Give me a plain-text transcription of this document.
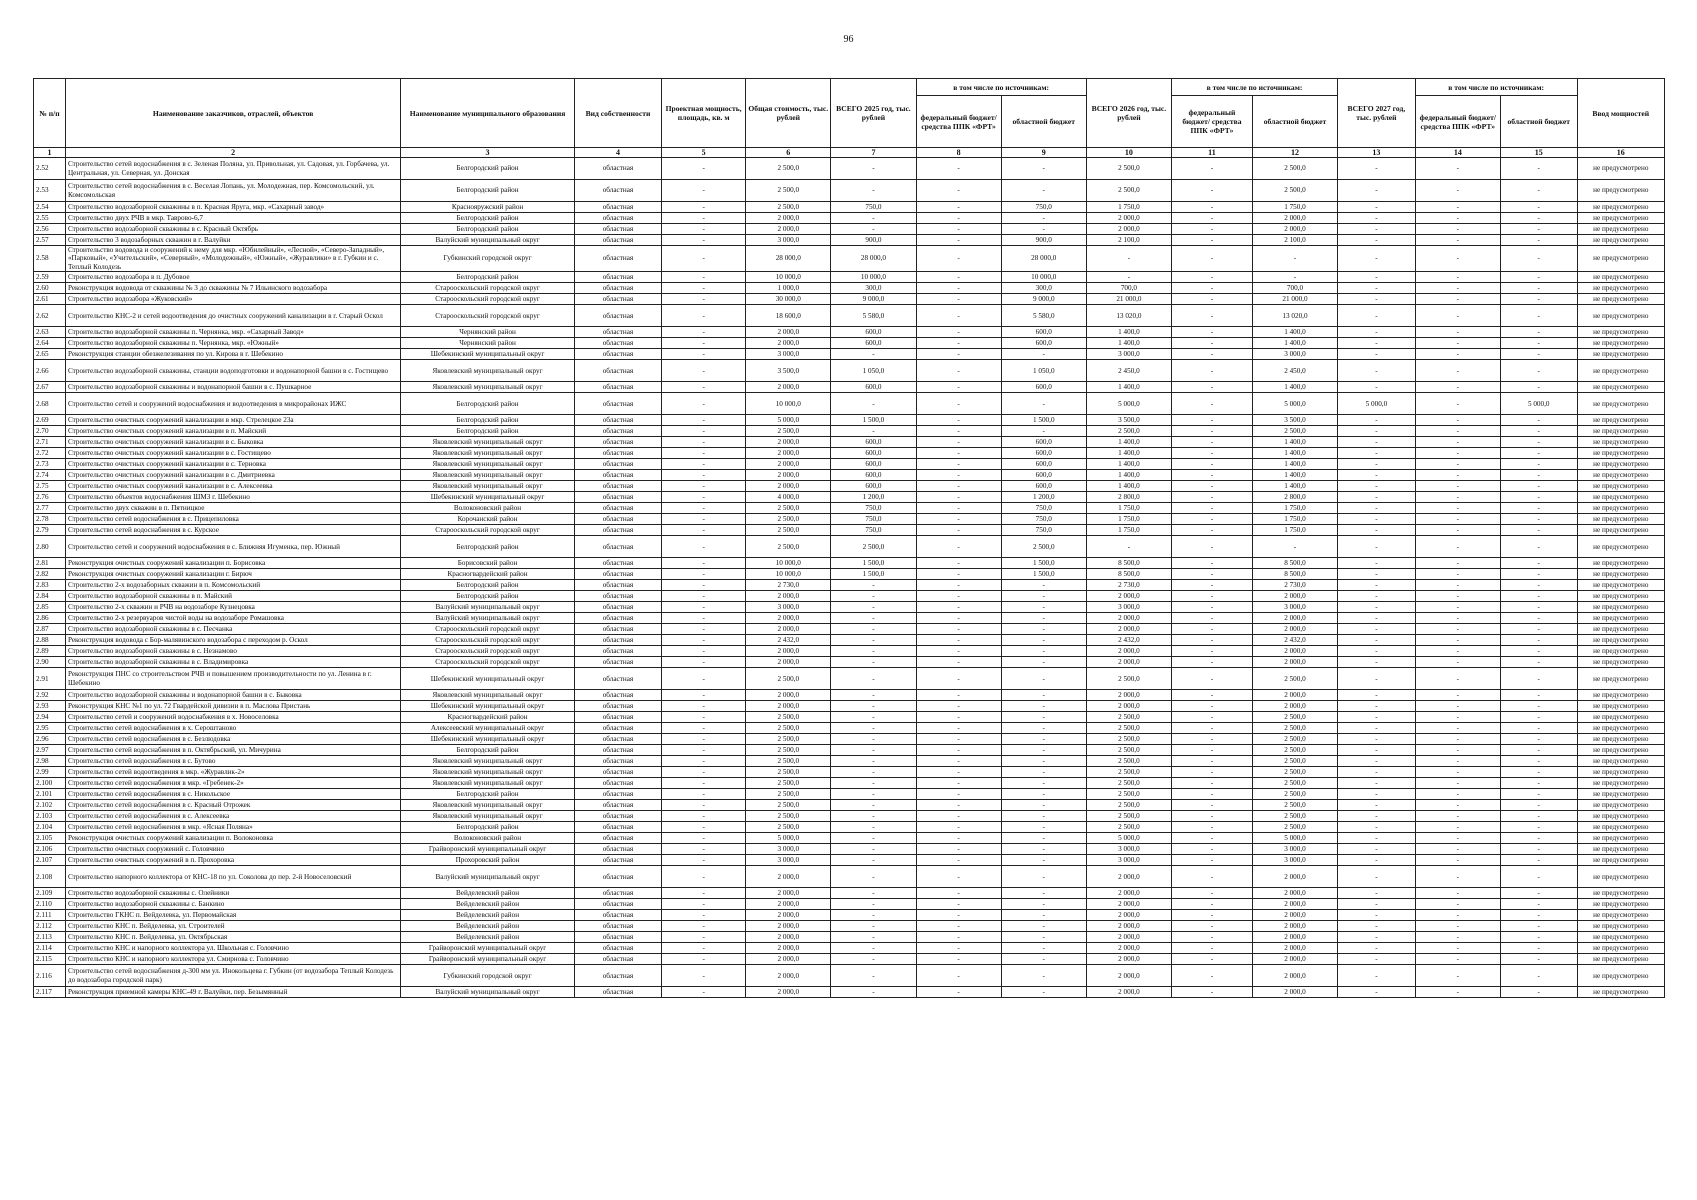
96
№ п/п	Наименование заказчиков, отраслей, объектов	Наименование муниципального образования	Вид собственности	Проектная мощность, площадь, кв. м	Общая стоимость, тыс. рублей	ВСЕГО 2025 год, тыс. рублей	в том числе по источникам:		ВСЕГО 2026 год, тыс. рублей	в том числе по источникам:		ВСЕГО 2027 год, тыс. рублей	в том числе по источникам:		Ввод мощностей
							федеральный бюджет/ средства ППК «ФРТ»	областной бюджет		федеральный бюджет/ средства ППК «ФРТ»	областной бюджет		федеральный бюджет/ средства ППК «ФРТ»	областной бюджет	
1	2	3	4	5	6	7	8	9	10	11	12	13	14	15	16
2.52	Строительство сетей водоснабжения в с. Зеленая Поляна, ул. Привольная, ул. Садовая, ул. Горбачева, ул. Центральная, ул. Северная, ул. Донская	Белгородский район	областная	-	2 500,0	-	-	-	2 500,0	-	2 500,0	-	-	-	не предусмотрено
2.53	Строительство сетей водоснабжения в с. Веселая Лопань, ул. Молодежная, пер. Комсомольский, ул. Комсомольская	Белгородский район	областная	-	2 500,0	-	-	-	2 500,0	-	2 500,0	-	-	-	не предусмотрено
2.54	Строительство водозаборной скважины в п. Красная Яруга, мкр. «Сахарный завод»	Краснояружский район	областная	-	2 500,0	750,0	-	750,0	1 750,0	-	1 750,0	-	-	-	не предусмотрено
2.55	Строительство двух РЧВ в мкр. Таврово-6,7	Белгородский район	областная	-	2 000,0	-	-	-	2 000,0	-	2 000,0	-	-	-	не предусмотрено
2.56	Строительство водозаборной скважины в с. Красный Октябрь	Белгородский район	областная	-	2 000,0	-	-	-	2 000,0	-	2 000,0	-	-	-	не предусмотрено
2.57	Строительство 3 водозаборных скважин в г. Валуйки	Валуйский муниципальный округ	областная	-	3 000,0	900,0	-	900,0	2 100,0	-	2 100,0	-	-	-	не предусмотрено
2.58	Строительство водовода и сооружений к нему для мкр. «Юбилейный», «Лесной», «Северо-Западный», «Парковый», «Учительский», «Северный», «Молодежный», «Южный», «Журавлики» в г. Губкин и с. Теплый Колодезь	Губкинский городской округ	областная	-	28 000,0	28 000,0	-	28 000,0	-	-	-	-	-	-	не предусмотрено
2.59	Строительство водозабора в п. Дубовое	Белгородский район	областная	-	10 000,0	10 000,0	-	10 000,0	-	-	-	-	-	-	не предусмотрено
2.60	Реконструкция водовода от скважины № 3 до скважины № 7 Ильинского водозабора	Старооскольский городской округ	областная	-	1 000,0	300,0	-	300,0	700,0	-	700,0	-	-	-	не предусмотрено
2.61	Строительство водозабора «Жуковский»	Старооскольский городской округ	областная	-	30 000,0	9 000,0	-	9 000,0	21 000,0	-	21 000,0	-	-	-	не предусмотрено
2.62	Строительство КНС-2 и сетей водоотведения до очистных сооружений канализации в г. Старый Оскол	Старооскольский городской округ	областная	-	18 600,0	5 580,0	-	5 580,0	13 020,0	-	13 020,0	-	-	-	не предусмотрено
2.63	Строительство водозаборной скважины п. Чернянка, мкр. «Сахарный Завод»	Чернянский район	областная	-	2 000,0	600,0	-	600,0	1 400,0	-	1 400,0	-	-	-	не предусмотрено
2.64	Строительство водозаборной скважины п. Чернянка, мкр. «Южный»	Чернянский район	областная	-	2 000,0	600,0	-	600,0	1 400,0	-	1 400,0	-	-	-	не предусмотрено
2.65	Реконструкция станции обезжелезивания по ул. Кирова в г. Шебекино	Шебекинский муниципальный округ	областная	-	3 000,0	-	-	-	3 000,0	-	3 000,0	-	-	-	не предусмотрено
2.66	Строительство водозаборной скважины, станции водоподготовки и водонапорной башни в с. Гостищево	Яковлевский муниципальный округ	областная	-	3 500,0	1 050,0	-	1 050,0	2 450,0	-	2 450,0	-	-	-	не предусмотрено
2.67	Строительство водозаборной скважины и водонапорной башни в с. Пушкарное	Яковлевский муниципальный округ	областная	-	2 000,0	600,0	-	600,0	1 400,0	-	1 400,0	-	-	-	не предусмотрено
2.68	Строительство сетей и сооружений водоснабжения и водоотведения в микрорайонах ИЖС	Белгородский район	областная	-	10 000,0	-	-	-	5 000,0	-	5 000,0	5 000,0	-	5 000,0	не предусмотрено
2.69	Строительство очистных сооружений канализации в мкр. Стрелецкое 23а	Белгородский район	областная	-	5 000,0	1 500,0	-	1 500,0	3 500,0	-	3 500,0	-	-	-	не предусмотрено
2.70	Строительство очистных сооружений канализации в п. Майский	Белгородский район	областная	-	2 500,0	-	-	-	2 500,0	-	2 500,0	-	-	-	не предусмотрено
2.71	Строительство очистных сооружений канализации в с. Быковка	Яковлевский муниципальный округ	областная	-	2 000,0	600,0	-	600,0	1 400,0	-	1 400,0	-	-	-	не предусмотрено
2.72	Строительство очистных сооружений канализации в с. Гостищево	Яковлевский муниципальный округ	областная	-	2 000,0	600,0	-	600,0	1 400,0	-	1 400,0	-	-	-	не предусмотрено
2.73	Строительство очистных сооружений канализации в с. Терновка	Яковлевский муниципальный округ	областная	-	2 000,0	600,0	-	600,0	1 400,0	-	1 400,0	-	-	-	не предусмотрено
2.74	Строительство очистных сооружений канализации в с. Дмитриевка	Яковлевский муниципальный округ	областная	-	2 000,0	600,0	-	600,0	1 400,0	-	1 400,0	-	-	-	не предусмотрено
2.75	Строительство очистных сооружений канализации в с. Алексеевка	Яковлевский муниципальный округ	областная	-	2 000,0	600,0	-	600,0	1 400,0	-	1 400,0	-	-	-	не предусмотрено
2.76	Строительство объектов водоснабжения ШМЗ г. Шебекино	Шебекинский муниципальный округ	областная	-	4 000,0	1 200,0	-	1 200,0	2 800,0	-	2 800,0	-	-	-	не предусмотрено
2.77	Строительство двух скважин в п. Пятницкое	Волоконовский район	областная	-	2 500,0	750,0	-	750,0	1 750,0	-	1 750,0	-	-	-	не предусмотрено
2.78	Строительство сетей водоснабжения в с. Прицепиловка	Корочанский район	областная	-	2 500,0	750,0	-	750,0	1 750,0	-	1 750,0	-	-	-	не предусмотрено
2.79	Строительство сетей водоснабжения в с. Курское	Старооскольский городской округ	областная	-	2 500,0	750,0	-	750,0	1 750,0	-	1 750,0	-	-	-	не предусмотрено
2.80	Строительство сетей и сооружений водоснабжения в с. Ближняя Игуменка, пер. Южный	Белгородский район	областная	-	2 500,0	2 500,0	-	2 500,0	-	-	-	-	-	-	не предусмотрено
2.81	Реконструкция очистных сооружений канализации п. Борисовка	Борисовский район	областная	-	10 000,0	1 500,0	-	1 500,0	8 500,0	-	8 500,0	-	-	-	не предусмотрено
2.82	Реконструкция очистных сооружений канализации г. Бирюч	Красногвардейский район	областная	-	10 000,0	1 500,0	-	1 500,0	8 500,0	-	8 500,0	-	-	-	не предусмотрено
2.83	Строительство 2-х водозаборных скважин в п. Комсомольский	Белгородский район	областная	-	2 730,0	-	-	-	2 730,0	-	2 730,0	-	-	-	не предусмотрено
2.84	Строительство водозаборной скважины в п. Майский	Белгородский район	областная	-	2 000,0	-	-	-	2 000,0	-	2 000,0	-	-	-	не предусмотрено
2.85	Строительство 2-х скважин и РЧВ на водозаборе Кузнецовка	Валуйский муниципальный округ	областная	-	3 000,0	-	-	-	3 000,0	-	3 000,0	-	-	-	не предусмотрено
2.86	Строительство 2-х резервуаров чистой воды на водозаборе Ромашовка	Валуйский муниципальный округ	областная	-	2 000,0	-	-	-	2 000,0	-	2 000,0	-	-	-	не предусмотрено
2.87	Строительство водозаборной скважины в с. Песчанка	Старооскольский городской округ	областная	-	2 000,0	-	-	-	2 000,0	-	2 000,0	-	-	-	не предусмотрено
2.88	Реконструкция водовода с Бор-малявинского водозабора с переходом р. Оскол	Старооскольский городской округ	областная	-	2 432,0	-	-	-	2 432,0	-	2 432,0	-	-	-	не предусмотрено
2.89	Строительство водозаборной скважины в с. Незнамово	Старооскольский городской округ	областная	-	2 000,0	-	-	-	2 000,0	-	2 000,0	-	-	-	не предусмотрено
2.90	Строительство водозаборной скважины в с. Владимировка	Старооскольский городской округ	областная	-	2 000,0	-	-	-	2 000,0	-	2 000,0	-	-	-	не предусмотрено
2.91	Реконструкция ПНС со строительством РЧВ и повышением производительности по ул. Ленина в г. Шебекино	Шебекинский муниципальный округ	областная	-	2 500,0	-	-	-	2 500,0	-	2 500,0	-	-	-	не предусмотрено
2.92	Строительство водозаборной скважины и водонапорной башни в с. Быковка	Яковлевский муниципальный округ	областная	-	2 000,0	-	-	-	2 000,0	-	2 000,0	-	-	-	не предусмотрено
2.93	Реконструкция КНС №1 по ул. 72 Гвардейской дивизии в п. Маслова Пристань	Шебекинский муниципальный округ	областная	-	2 000,0	-	-	-	2 000,0	-	2 000,0	-	-	-	не предусмотрено
2.94	Строительство сетей и сооружений водоснабжения в х. Новоселовка	Красногвардейский район	областная	-	2 500,0	-	-	-	2 500,0	-	2 500,0	-	-	-	не предусмотрено
2.95	Строительство сетей водоснабжения в х. Сероштаново	Алексеевский муниципальный округ	областная	-	2 500,0	-	-	-	2 500,0	-	2 500,0	-	-	-	не предусмотрено
2.96	Строительство сетей водоснабжения в с. Безлюдовка	Шебекинский муниципальный округ	областная	-	2 500,0	-	-	-	2 500,0	-	2 500,0	-	-	-	не предусмотрено
2.97	Строительство сетей водоснабжения в п. Октябрьский, ул. Мичурина	Белгородский район	областная	-	2 500,0	-	-	-	2 500,0	-	2 500,0	-	-	-	не предусмотрено
2.98	Строительство сетей водоснабжения в с. Бутово	Яковлевский муниципальный округ	областная	-	2 500,0	-	-	-	2 500,0	-	2 500,0	-	-	-	не предусмотрено
2.99	Строительство сетей водоотведения в мкр. «Журавлик-2»	Яковлевский муниципальный округ	областная	-	2 500,0	-	-	-	2 500,0	-	2 500,0	-	-	-	не предусмотрено
2.100	Строительство сетей водоснабжения в мкр. «Гребенек-2»	Яковлевский муниципальный округ	областная	-	2 500,0	-	-	-	2 500,0	-	2 500,0	-	-	-	не предусмотрено
2.101	Строительство сетей водоснабжения в с. Никольское	Белгородский район	областная	-	2 500,0	-	-	-	2 500,0	-	2 500,0	-	-	-	не предусмотрено
2.102	Строительство сетей водоснабжения в с. Красный Отрожек	Яковлевский муниципальный округ	областная	-	2 500,0	-	-	-	2 500,0	-	2 500,0	-	-	-	не предусмотрено
2.103	Строительство сетей водоснабжения в с. Алексеевка	Яковлевский муниципальный округ	областная	-	2 500,0	-	-	-	2 500,0	-	2 500,0	-	-	-	не предусмотрено
2.104	Строительство сетей водоснабжения в мкр. «Ясная Поляна»	Белгородский район	областная	-	2 500,0	-	-	-	2 500,0	-	2 500,0	-	-	-	не предусмотрено
2.105	Реконструкция очистных сооружений канализации п. Волоконовка	Волоконовский район	областная	-	5 000,0	-	-	-	5 000,0	-	5 000,0	-	-	-	не предусмотрено
2.106	Строительство очистных сооружений с. Головчино	Грайворонский муниципальный округ	областная	-	3 000,0	-	-	-	3 000,0	-	3 000,0	-	-	-	не предусмотрено
2.107	Строительство очистных сооружений в п. Прохоровка	Прохоровский район	областная	-	3 000,0	-	-	-	3 000,0	-	3 000,0	-	-	-	не предусмотрено
2.108	Строительство напорного коллектора от КНС-18 по ул. Соколова до пер. 2-й Новоселовский	Валуйский муниципальный округ	областная	-	2 000,0	-	-	-	2 000,0	-	2 000,0	-	-	-	не предусмотрено
2.109	Строительство водозаборной скважины с. Олейники	Вейделевский район	областная	-	2 000,0	-	-	-	2 000,0	-	2 000,0	-	-	-	не предусмотрено
2.110	Строительство водозаборной скважины с. Банкино	Вейделевский район	областная	-	2 000,0	-	-	-	2 000,0	-	2 000,0	-	-	-	не предусмотрено
2.111	Строительство ГКНС п. Вейделевка, ул. Первомайская	Вейделевский район	областная	-	2 000,0	-	-	-	2 000,0	-	2 000,0	-	-	-	не предусмотрено
2.112	Строительство КНС п. Вейделевка, ул. Строителей	Вейделевский район	областная	-	2 000,0	-	-	-	2 000,0	-	2 000,0	-	-	-	не предусмотрено
2.113	Строительство КНС п. Вейделевка, ул. Октябрьская	Вейделевский район	областная	-	2 000,0	-	-	-	2 000,0	-	2 000,0	-	-	-	не предусмотрено
2.114	Строительство КНС и напорного коллектора ул. Школьная с. Головчино	Грайворонский муниципальный округ	областная	-	2 000,0	-	-	-	2 000,0	-	2 000,0	-	-	-	не предусмотрено
2.115	Строительство КНС и напорного коллектора ул. Смирнова с. Головчино	Грайворонский муниципальный округ	областная	-	2 000,0	-	-	-	2 000,0	-	2 000,0	-	-	-	не предусмотрено
2.116	Строительство сетей водоснабжения д-300 мм ул. Инокольцева г. Губкин (от водозабора Теплый Колодезь до водозабора городской парк)	Губкинский городской округ	областная	-	2 000,0	-	-	-	2 000,0	-	2 000,0	-	-	-	не предусмотрено
2.117	Реконструкция приемной камеры КНС-49 г. Валуйки, пер. Безымянный	Валуйский муниципальный округ	областная	-	2 000,0	-	-	-	2 000,0	-	2 000,0	-	-	-	не предусмотрено
